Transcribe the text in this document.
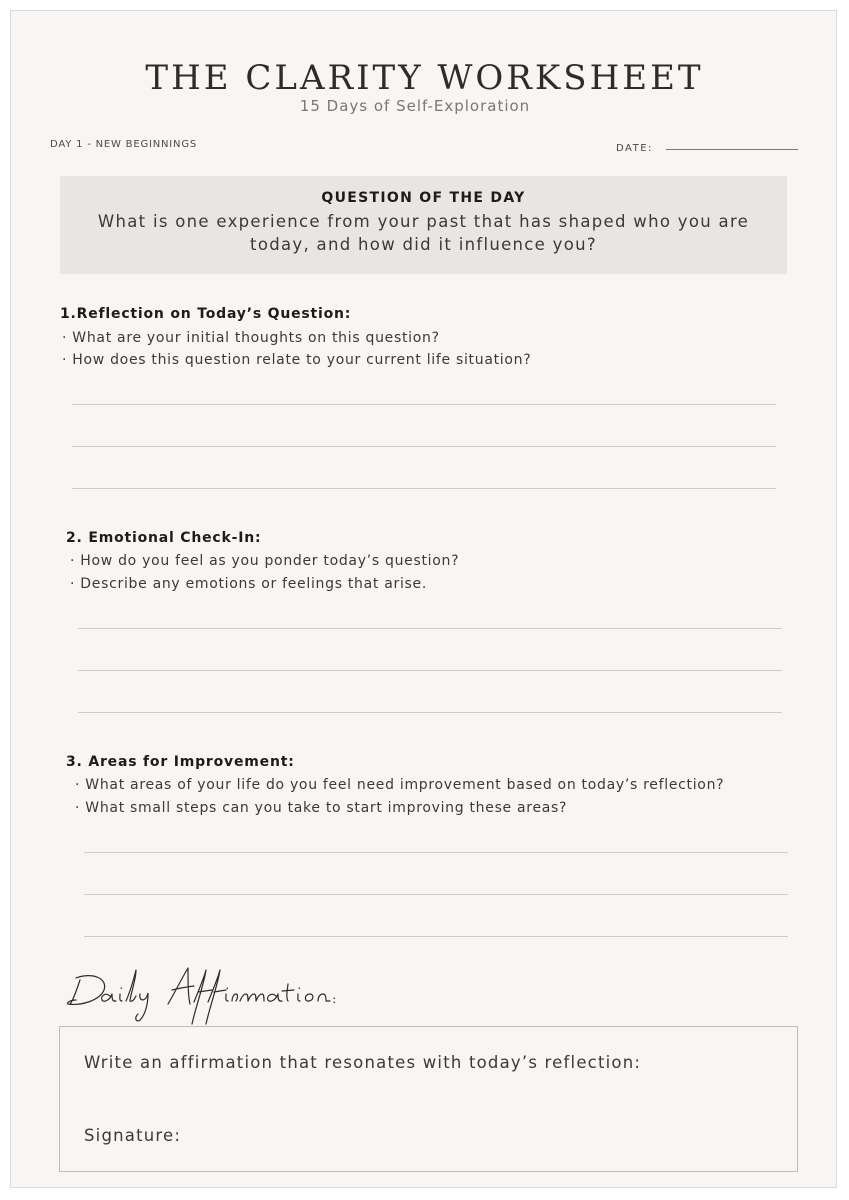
THE CLARITY WORKSHEET
15 Days of Self-Exploration
DAY 1 - NEW BEGINNINGS	DATE:
QUESTION OF THE DAY
What is one experience from your past that has shaped who you are today, and how did it influence you?
1.Reflection on Today’s Question:
· What are your initial thoughts on this question?
· How does this question relate to your current life situation?
2. Emotional Check-In:
· How do you feel as you ponder today’s question?
· Describe any emotions or feelings that arise.
3. Areas for Improvement:
· What areas of your life do you feel need improvement based on today’s reflection?
· What small steps can you take to start improving these areas?
Write an affirmation that resonates with today’s reflection:
Signature:
